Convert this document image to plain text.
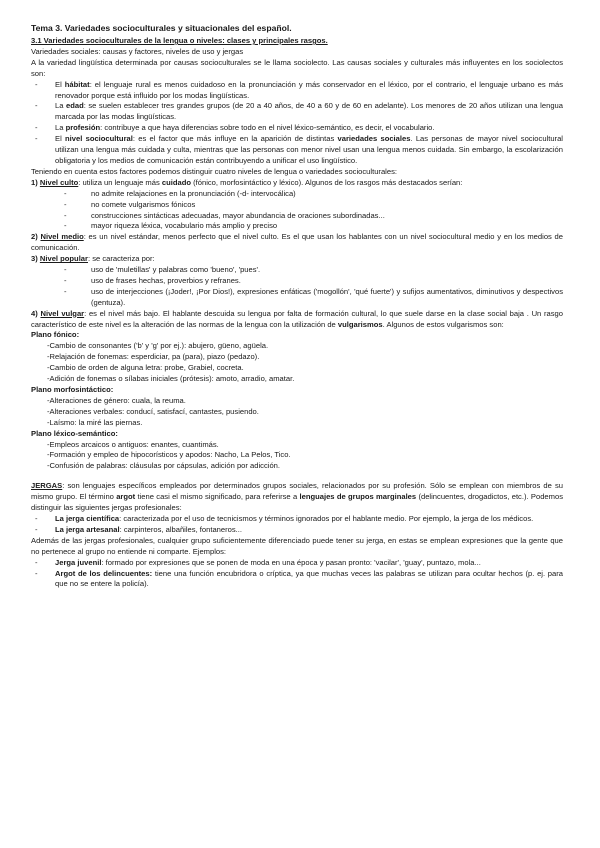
Tema 3. Variedades socioculturales y situacionales del español.
3.1 Variedades socioculturales de la lengua o niveles: clases y principales rasgos.
Variedades sociales: causas y factores, niveles de uso y jergas
A la variedad lingüística determinada por causas socioculturales se le llama sociolecto. Las causas sociales y culturales más influyentes en los sociolectos son:
- El hábitat: el lenguaje rural es menos cuidadoso en la pronunciación y más conservador en el léxico, por el contrario, el lenguaje urbano es más renovador porque está influido por los modas lingüísticas.
- La edad: se suelen establecer tres grandes grupos (de 20 a 40 años, de 40 a 60 y de 60 en adelante). Los menores de 20 años utilizan una lengua marcada por las modas lingüísticas.
- La profesión: contribuye a que haya diferencias sobre todo en el nivel léxico-semántico, es decir, el vocabulario.
- El nivel sociocultural: es el factor que más influye en la aparición de distintas variedades sociales. Las personas de mayor nivel sociocultural utilizan una lengua más cuidada y culta, mientras que las personas con menor nivel usan una lengua menos cuidada. Sin embargo, la escolarización obligatoria y los medios de comunicación están contribuyendo a unificar el uso lingüístico.
Teniendo en cuenta estos factores podemos distinguir cuatro niveles de lengua o variedades socioculturales:
1) Nivel culto: utiliza un lenguaje más cuidado (fónico, morfosintáctico y léxico). Algunos de los rasgos más destacados serían:
- no admite relajaciones en la pronunciación (-d- intervocálica)
- no comete vulgarismos fónicos
- construcciones sintácticas adecuadas, mayor abundancia de oraciones subordinadas...
- mayor riqueza léxica, vocabulario más amplio y preciso
2) Nivel medio: es un nivel estándar, menos perfecto que el nivel culto. Es el que usan los hablantes con un nivel sociocultural medio y en los medios de comunicación.
3) Nivel popular: se caracteriza por:
- uso de 'muletillas' y palabras como 'bueno', 'pues'.
- uso de frases hechas, proverbios y refranes.
- uso de interjecciones (¡Joder!, ¡Por Dios!), expresiones enfáticas ('mogollón', 'qué fuerte') y sufijos aumentativos, diminutivos y despectivos (gentuza).
4) Nivel vulgar: es el nivel más bajo. El hablante descuida su lengua por falta de formación cultural, lo que suele darse en la clase social baja . Un rasgo característico de este nivel es la alteración de las normas de la lengua con la utilización de vulgarismos. Algunos de estos vulgarismos son:
Plano fónico:
-Cambio de consonantes ('b' y 'g' por ej.): abujero, güeno, agüela.
-Relajación de fonemas: esperdiciar, pa (para), piazo (pedazo).
-Cambio de orden de alguna letra: probe, Grabiel, cocreta.
-Adición de fonemas o sílabas iniciales (prótesis): amoto, arradio, amatar.
Plano morfosintáctico:
-Alteraciones de género: cuala, la reuma.
-Alteraciones verbales: conducí, satisfací, cantastes, pusiendo.
-Laísmo: la miré las piernas.
Plano léxico-semántico:
-Empleos arcaicos o antiguos: enantes, cuantimás.
-Formación y empleo de hipocorísticos y apodos: Nacho, La Pelos, Tico.
-Confusión de palabras: cláusulas por cápsulas, adición por adicción.
JERGAS: son lenguajes específicos empleados por determinados grupos sociales, relacionados por su profesión. Sólo se emplean con miembros de su mismo grupo. El término argot tiene casi el mismo significado, para referirse a lenguajes de grupos marginales (delincuentes, drogadictos, etc.). Podemos distinguir las siguientes jergas profesionales:
- La jerga científica: caracterizada por el uso de tecnicismos y términos ignorados por el hablante medio. Por ejemplo, la jerga de los médicos.
- La jerga artesanal: carpinteros, albañiles, fontaneros...
Además de las jergas profesionales, cualquier grupo suficientemente diferenciado puede tener su jerga, en estas se emplean expresiones que la gente que no pertenece al grupo no entiende ni comparte. Ejemplos:
- Jerga juvenil: formado por expresiones que se ponen de moda en una época y pasan pronto: 'vacilar', 'guay', puntazo, mola...
- Argot de los delincuentes: tiene una función encubridora o críptica, ya que muchas veces las palabras se utilizan para ocultar hechos (p. ej. para que no se entere la policía).
